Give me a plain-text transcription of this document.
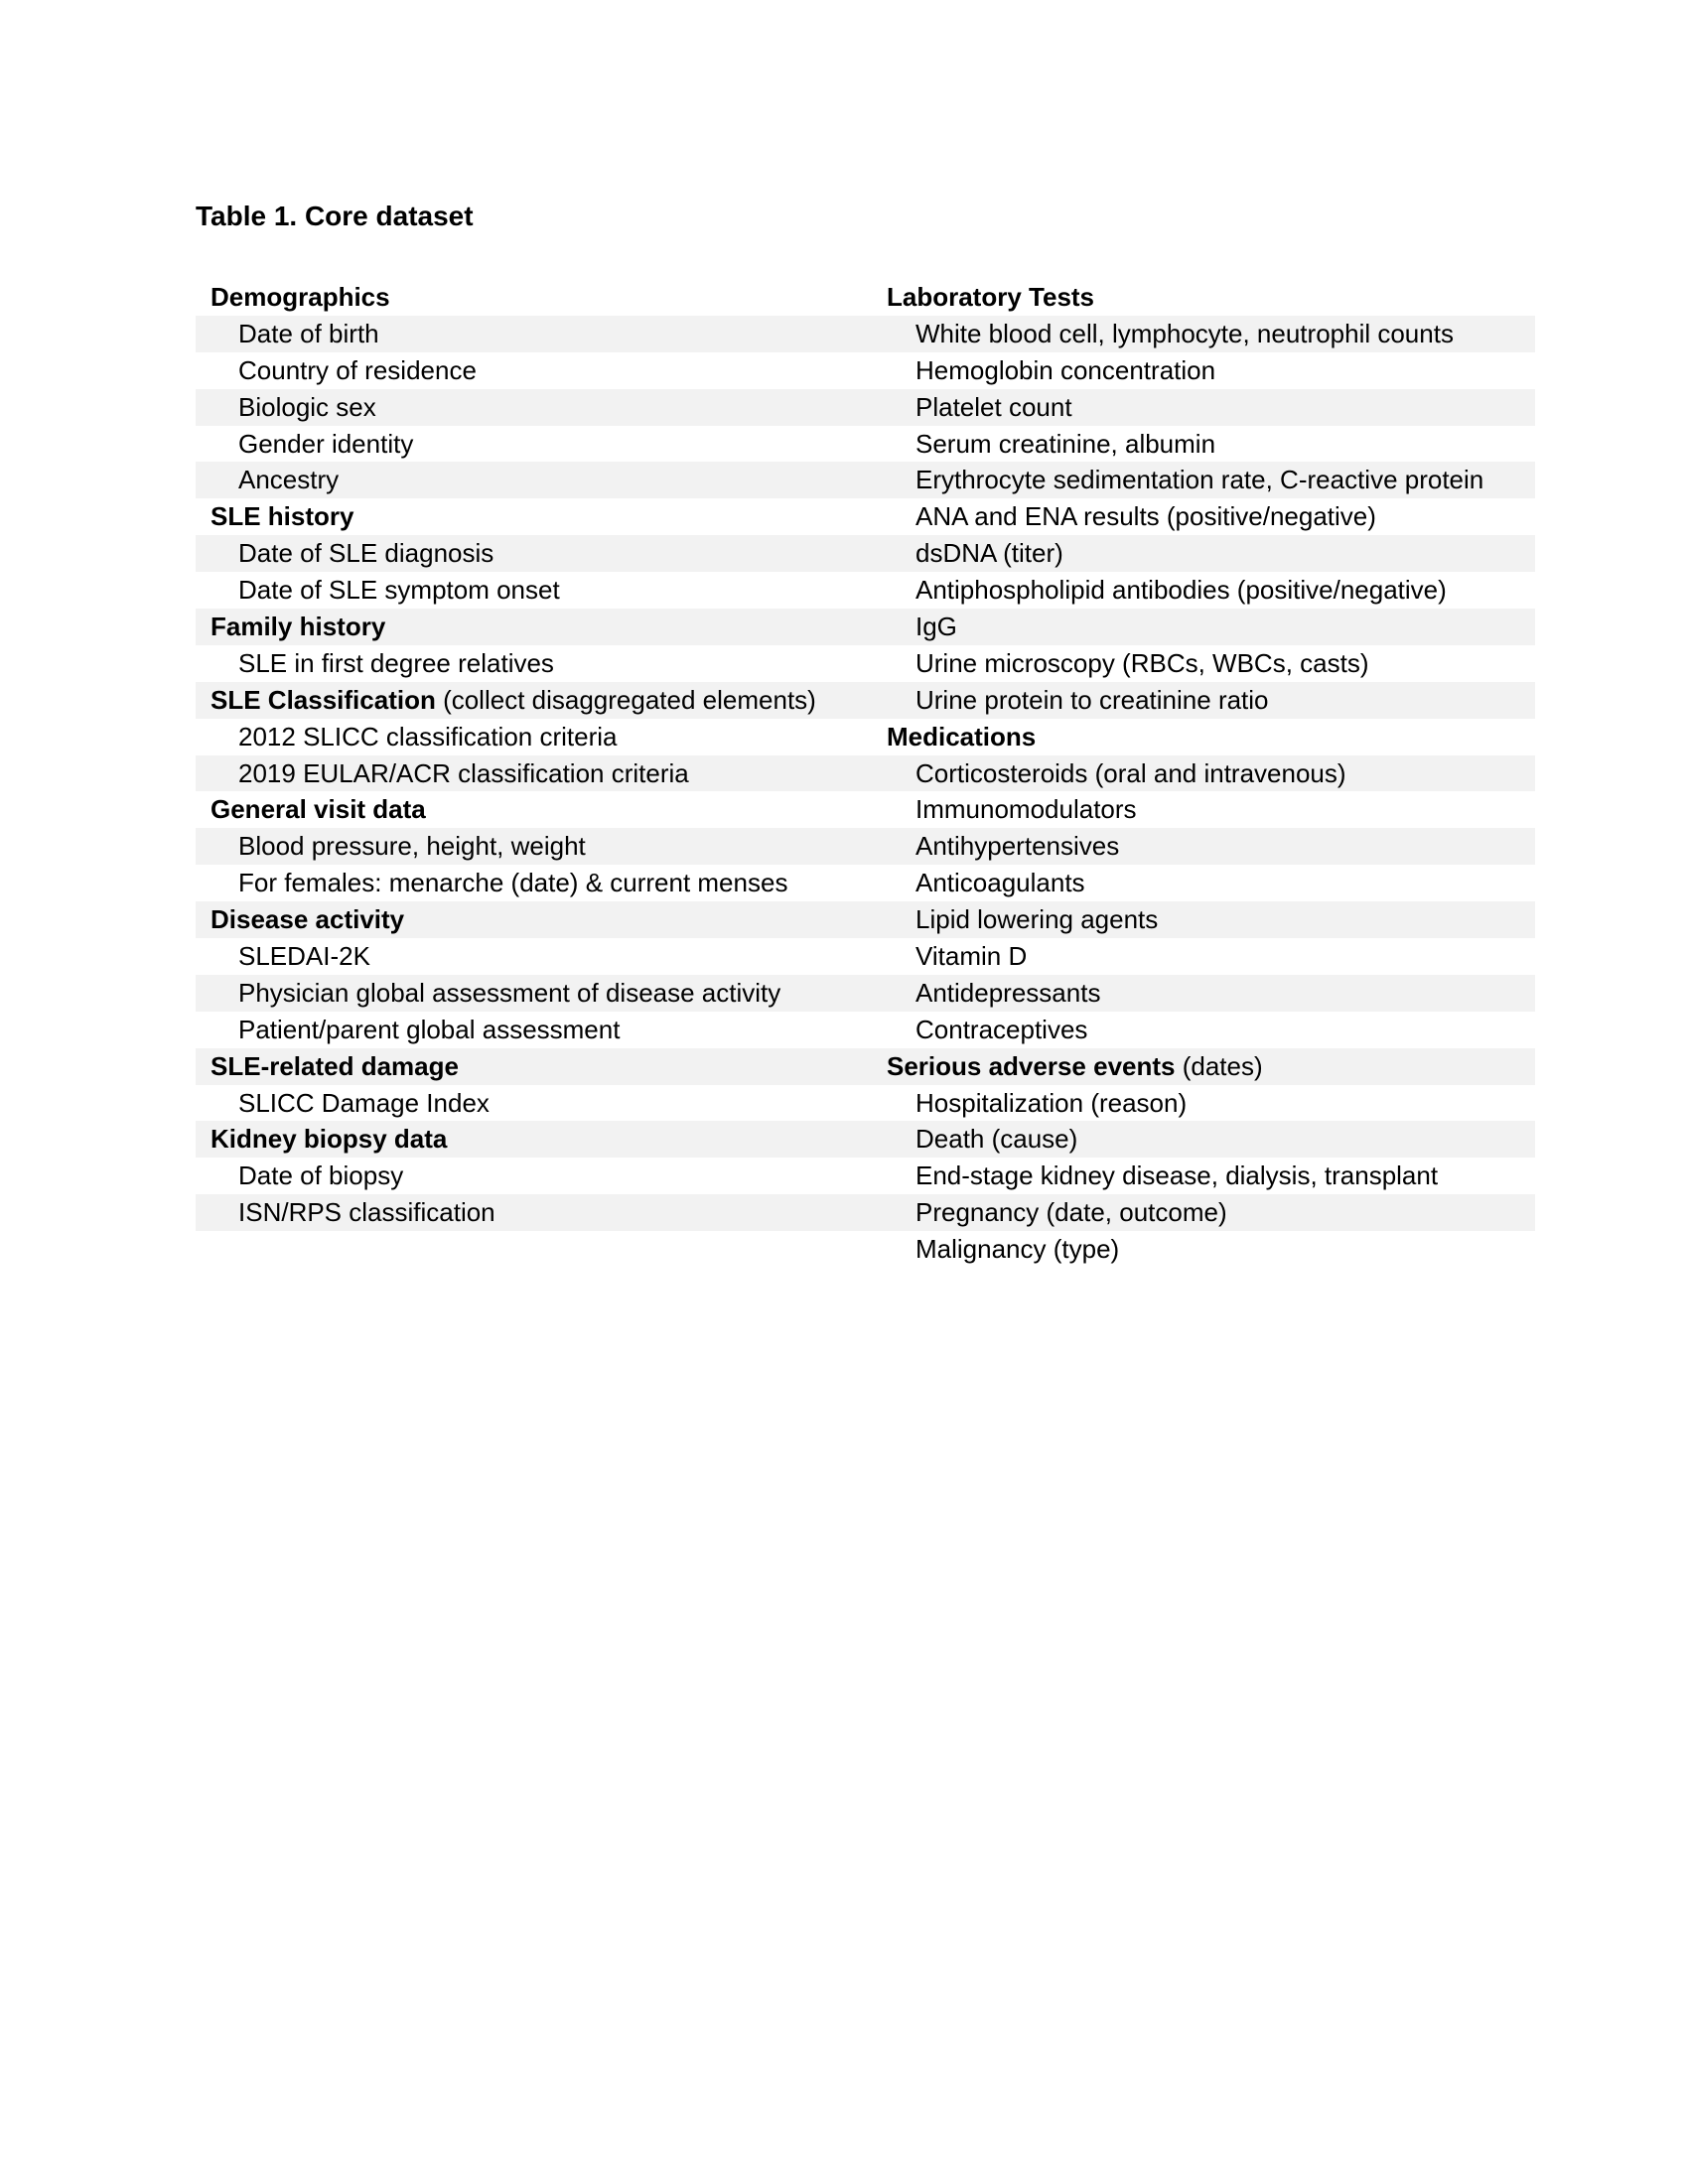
Table 1. Core dataset
Demographics
Date of birth
Country of residence
Biologic sex
Gender identity
Ancestry
SLE history
Date of SLE diagnosis
Date of SLE symptom onset
Family history
SLE in first degree relatives
SLE Classification (collect disaggregated elements)
2012 SLICC classification criteria
2019 EULAR/ACR classification criteria
General visit data
Blood pressure, height, weight
For females: menarche (date) & current menses
Disease activity
SLEDAI-2K
Physician global assessment of disease activity
Patient/parent global assessment
SLE-related damage
SLICC Damage Index
Kidney biopsy data
Date of biopsy
ISN/RPS classification
Laboratory Tests
White blood cell, lymphocyte, neutrophil counts
Hemoglobin concentration
Platelet count
Serum creatinine, albumin
Erythrocyte sedimentation rate, C-reactive protein
ANA and ENA results (positive/negative)
dsDNA (titer)
Antiphospholipid antibodies (positive/negative)
IgG
Urine microscopy (RBCs, WBCs, casts)
Urine protein to creatinine ratio
Medications
Corticosteroids (oral and intravenous)
Immunomodulators
Antihypertensives
Anticoagulants
Lipid lowering agents
Vitamin D
Antidepressants
Contraceptives
Serious adverse events (dates)
Hospitalization (reason)
Death (cause)
End-stage kidney disease, dialysis, transplant
Pregnancy (date, outcome)
Malignancy (type)
